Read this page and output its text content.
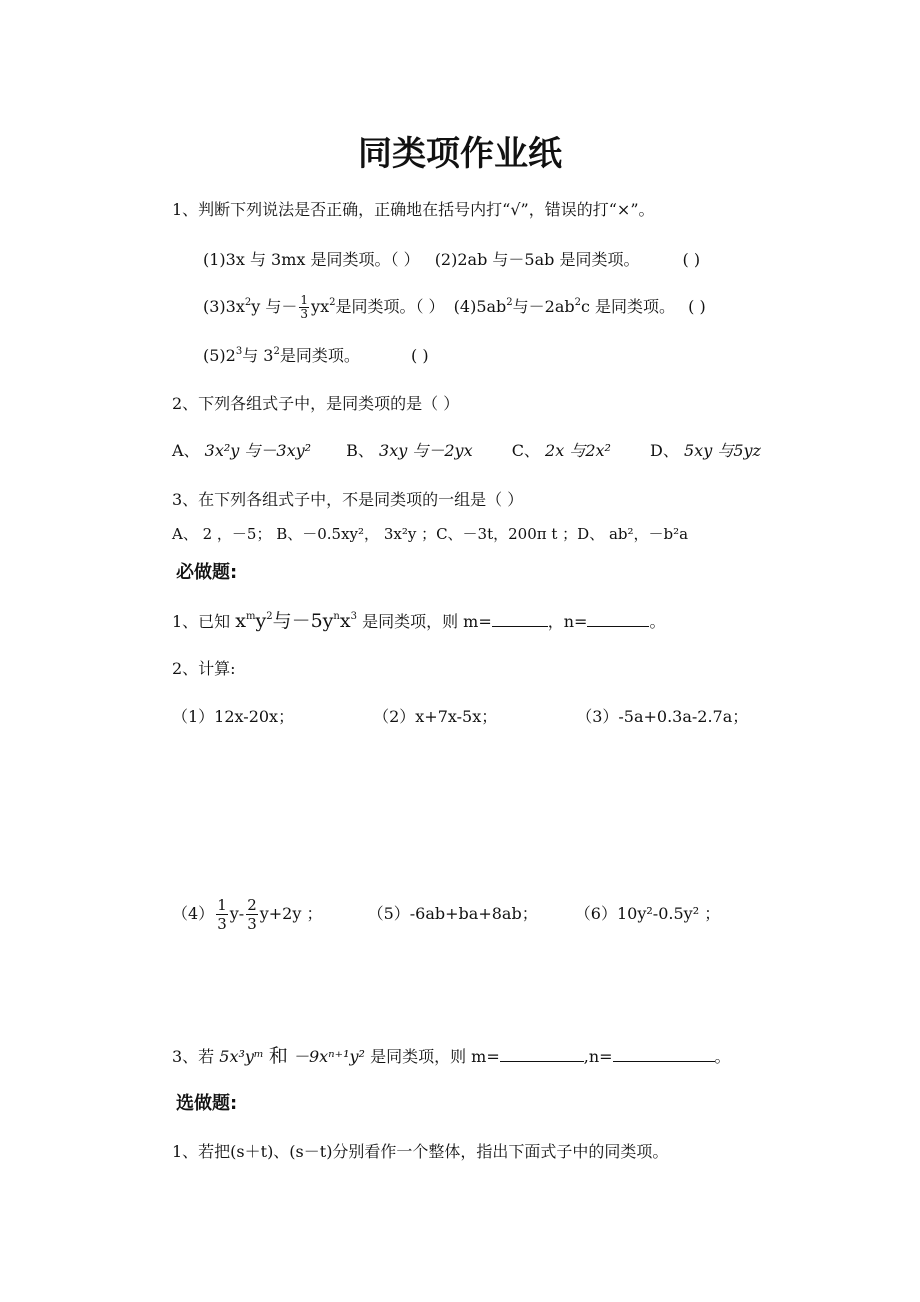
同类项作业纸
1、判断下列说法是否正确，正确地在括号内打“√”，错误的打“×”。
(1)3x 与 3mx 是同类项。（ ） (2)2ab 与－5ab 是同类项。	( )
$(3)3x^2y$ 与－ $\frac{1}{3} yx^2$是同类项。（ ） $(4)5ab^2$与$-2ab^2c$ 是同类项。 ( )
$(5)2^3$与 $3^2$是同类项。	( )
2、下列各组式子中，是同类项的是（ ）
A、 3x²y 与－3xy² B、 3xy 与－2yx C、 2x 与2x² D、 5xy 与5yz
3、在下列各组式子中，不是同类项的一组是（ ）
A、 2 ，－5； B、－0.5xy²， 3x²y ；C、－3t，200π t ；D、 ab²，－b²a
必做题:
1、已知 $x^my^2$与$-5y^nx^3$ 是同类项，则 m=	，n=	。
2、计算:
（1）12x-20x；	（2）x+7x-5x；	（3）-5a+0.3a-2.7a；
$(4) \frac{1}{3} y- \frac{2}{3} y+2y$ ；	（5）-6ab+ba+8ab； （6）10y²-0.5y² ；
3、若 5x³yᵐ 和 －9xⁿ⁺¹y² 是同类项，则 m=	,n=	。
选做题:
1、若把(s＋t)、(s－t)分别看作一个整体，指出下面式子中的同类项。
